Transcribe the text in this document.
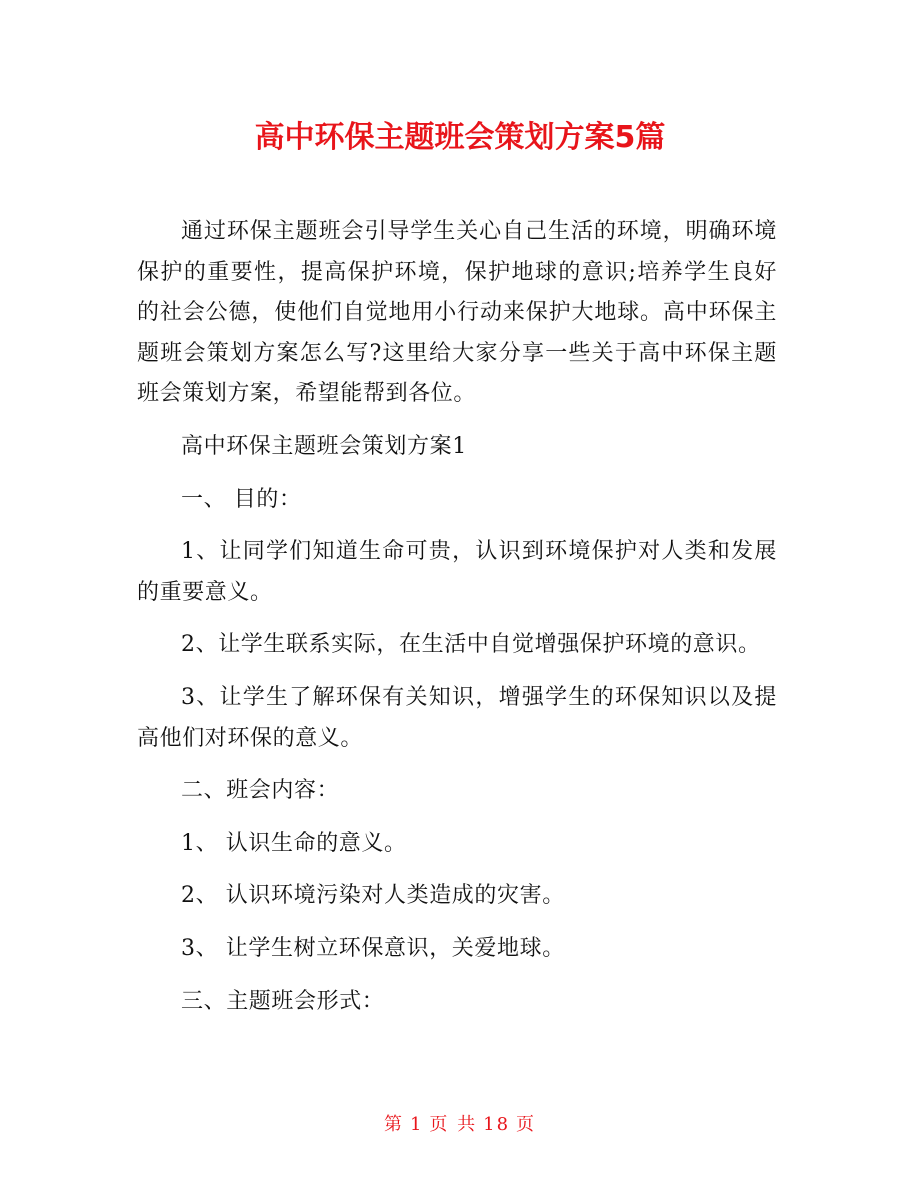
高中环保主题班会策划方案5篇

通过环保主题班会引导学生关心自己生活的环境，明确环境保护的重要性，提高保护环境，保护地球的意识;培养学生良好的社会公德，使他们自觉地用小行动来保护大地球。高中环保主题班会策划方案怎么写?这里给大家分享一些关于高中环保主题班会策划方案，希望能帮到各位。

高中环保主题班会策划方案1

一、 目的：

1、让同学们知道生命可贵，认识到环境保护对人类和发展的重要意义。

2、让学生联系实际，在生活中自觉增强保护环境的意识。

3、让学生了解环保有关知识，增强学生的环保知识以及提高他们对环保的意义。

二、班会内容：

1、 认识生命的意义。

2、 认识环境污染对人类造成的灾害。

3、 让学生树立环保意识，关爱地球。

三、主题班会形式：

第 1 页 共 18 页
